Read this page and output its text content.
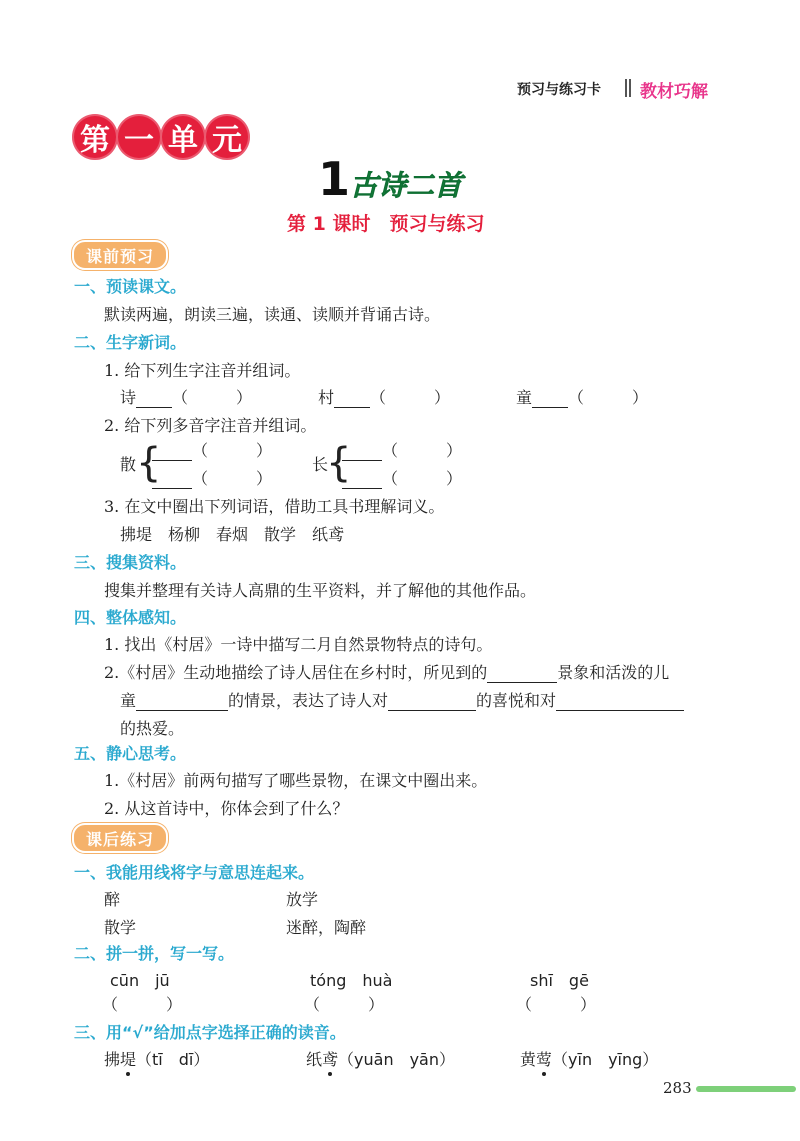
预习与练习卡 教材巧解
第 一 单 元
1 古诗二首
第 1 课时　预习与练习
课前预习
一、预读课文。
默读两遍，朗读三遍，读通、读顺并背诵古诗。
二、生字新词。
1. 给下列生字注音并组词。
诗 （　　　）	村 （　　　）	童 （　　　）
2. 给下列多音字注音并组词。
散 {	（　　　）
（　　　）
长
{	（　　　）
（　　　）
3. 在文中圈出下列词语，借助工具书理解词义。
拂堤　杨柳　春烟　散学　纸鸢
三、搜集资料。
搜集并整理有关诗人高鼎的生平资料，并了解他的其他作品。
四、整体感知。
1. 找出《村居》一诗中描写二月自然景物特点的诗句。
2.《村居》生动地描绘了诗人居住在乡村时，所见到的	景象和活泼的儿
童	的情景，表达了诗人对	的喜悦和对
的热爱。
五、静心思考。
1.《村居》前两句描写了哪些景物，在课文中圈出来。
2. 从这首诗中，你体会到了什么？
课后练习
一、我能用线将字与意思连起来。
醉	放学
散学	迷醉，陶醉
二、拼一拼，写一写。
cūn　jū	tóng　huà	shī　gē
（　　　）	（　　　）	（　　　）
三、用“√”给加点字选择正确的读音。
拂堤（tī　dī）	纸鸢（yuān　yān）	黄莺（yīn　yīng）
283
